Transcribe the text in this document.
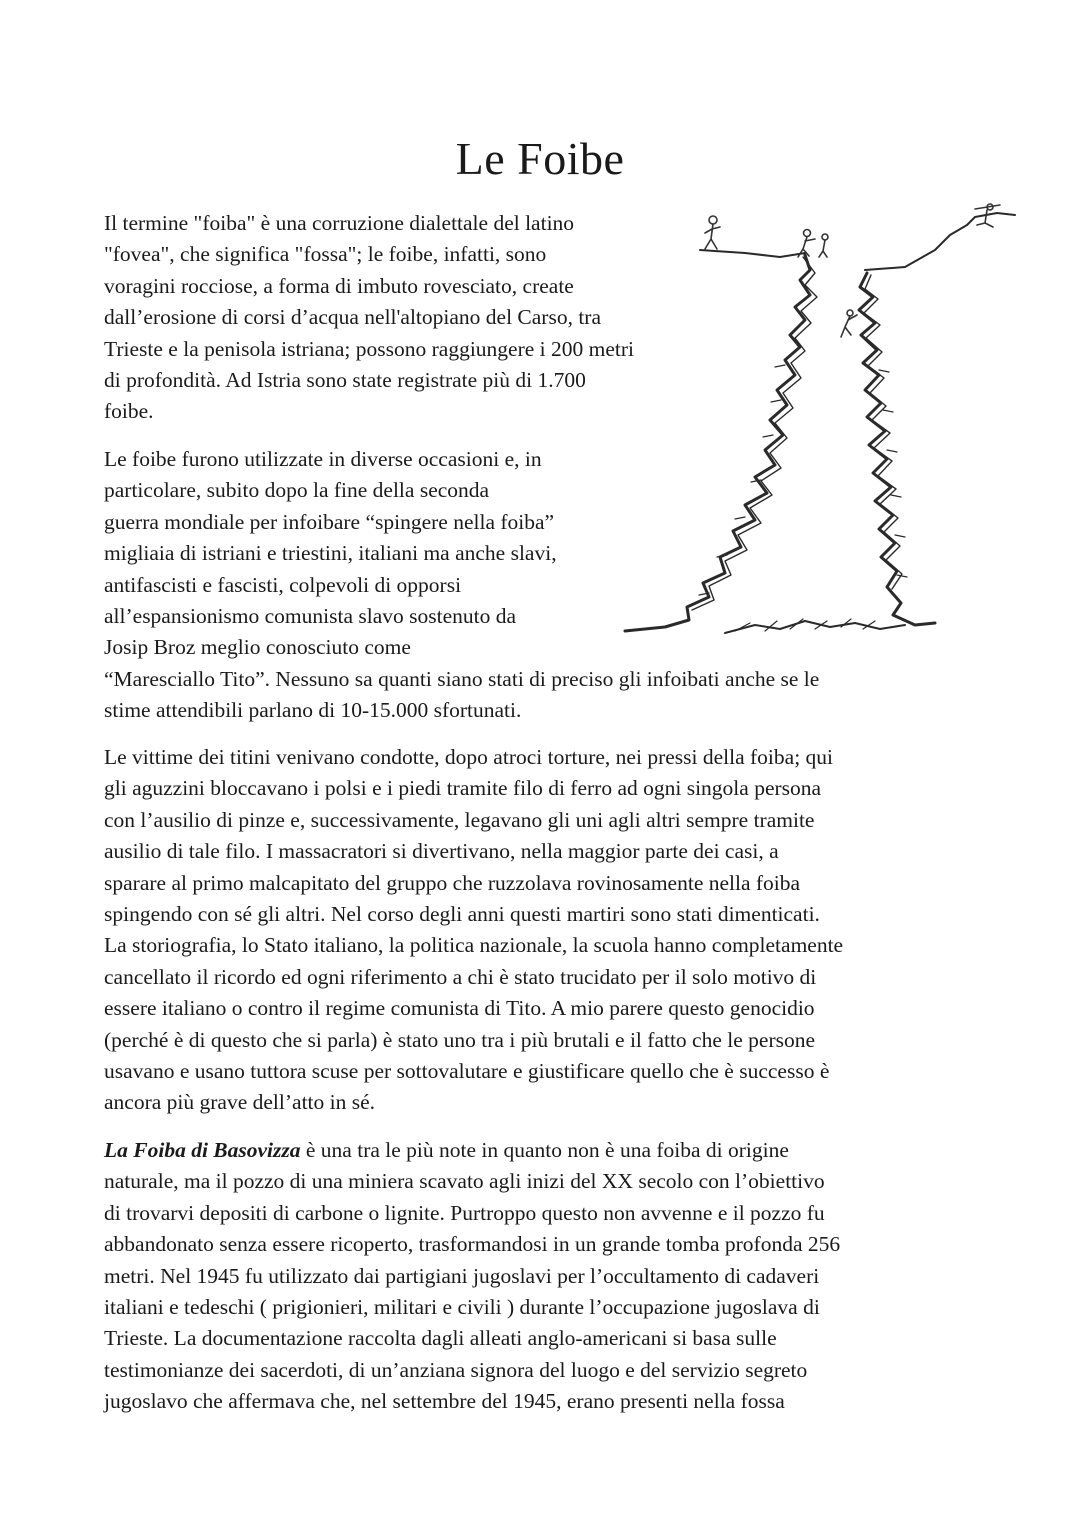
Le Foibe

Il termine "foiba" è una corruzione dialettale del latino
"fovea", che significa "fossa"; le foibe, infatti, sono
voragini rocciose, a forma di imbuto rovesciato, create
dall’erosione di corsi d’acqua nell'altopiano del Carso, tra
Trieste e la penisola istriana; possono raggiungere i 200 metri
di profondità. Ad Istria sono state registrate più di 1.700
foibe.

Le foibe furono utilizzate in diverse occasioni e, in
particolare, subito dopo la fine della seconda
guerra mondiale per infoibare “spingere nella foiba”
migliaia di istriani e triestini, italiani ma anche slavi,
antifascisti e fascisti, colpevoli di opporsi
all’espansionismo comunista slavo sostenuto da
Josip Broz meglio conosciuto come
“Maresciallo Tito”. Nessuno sa quanti siano stati di preciso gli infoibati anche se le
stime attendibili parlano di 10-15.000 sfortunati.

Le vittime dei titini venivano condotte, dopo atroci torture, nei pressi della foiba; qui
gli aguzzini bloccavano i polsi e i piedi tramite filo di ferro ad ogni singola persona
con l’ausilio di pinze e, successivamente, legavano gli uni agli altri sempre tramite
ausilio di tale filo. I massacratori si divertivano, nella maggior parte dei casi, a
sparare al primo malcapitato del gruppo che ruzzolava rovinosamente nella foiba
spingendo con sé gli altri. Nel corso degli anni questi martiri sono stati dimenticati.
La storiografia, lo Stato italiano, la politica nazionale, la scuola hanno completamente
cancellato il ricordo ed ogni riferimento a chi è stato trucidato per il solo motivo di
essere italiano o contro il regime comunista di Tito. A mio parere questo genocidio
(perché è di questo che si parla) è stato uno tra i più brutali e il fatto che le persone
usavano e usano tuttora scuse per sottovalutare e giustificare quello che è successo è
ancora più grave dell’atto in sé.

La Foiba di Basovizza è una tra le più note in quanto non è una foiba di origine
naturale, ma il pozzo di una miniera scavato agli inizi del XX secolo con l’obiettivo
di trovarvi depositi di carbone o lignite. Purtroppo questo non avvenne e il pozzo fu
abbandonato senza essere ricoperto, trasformandosi in un grande tomba profonda 256
metri. Nel 1945 fu utilizzato dai partigiani jugoslavi per l’occultamento di cadaveri
italiani e tedeschi ( prigionieri, militari e civili ) durante l’occupazione jugoslava di
Trieste. La documentazione raccolta dagli alleati anglo-americani si basa sulle
testimonianze dei sacerdoti, di un’anziana signora del luogo e del servizio segreto
jugoslavo che affermava che, nel settembre del 1945, erano presenti nella fossa
